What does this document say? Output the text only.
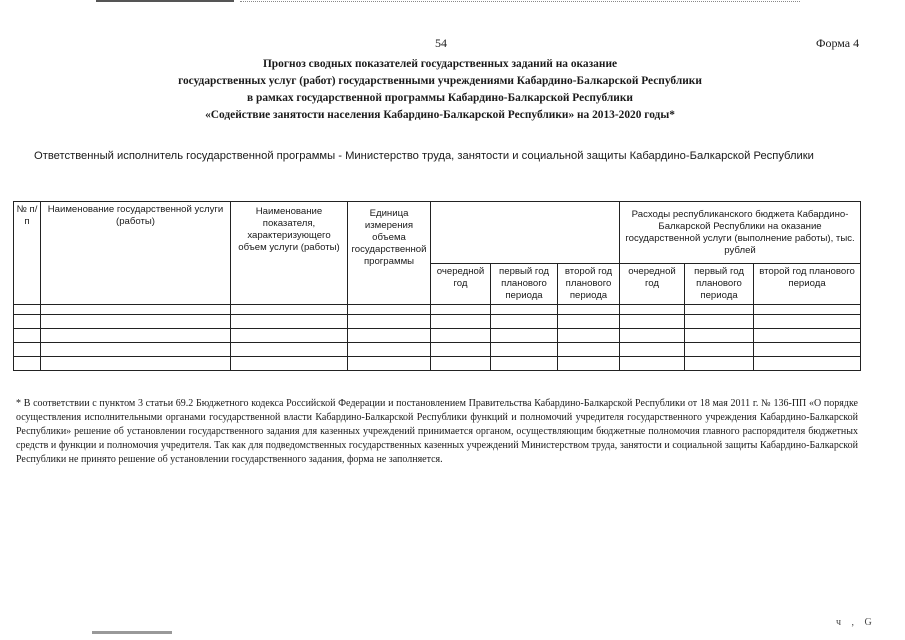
54	Форма 4
Прогноз сводных показателей государственных заданий на оказание
государственных услуг (работ) государственными учреждениями Кабардино-Балкарской Республики
в рамках государственной программы Кабардино-Балкарской Республики
«Содействие занятости населения Кабардино-Балкарской Республики» на 2013-2020 годы*
Ответственный исполнитель государственной программы - Министерство труда, занятости и социальной защиты Кабардино-Балкарской Республики
№ п/п	Наименование государственной услуги (работы)	Наименование показателя, характеризующего объем услуги (работы)	Единица измерения объема государственной программы				Расходы республиканского бюджета Кабардино-Балкарской Республики на оказание государственной услуги (выполнение работы), тыс. рублей		
				очередной год	первый год планового периода	второй год планового периода	очередной год	первый год планового периода	второй год планового периода

* В соответствии с пунктом 3 статьи 69.2 Бюджетного кодекса Российской Федерации и постановлением Правительства Кабардино-Балкарской Республики от 18 мая 2011 г. № 136-ПП «О порядке осуществления исполнительными органами государственной власти Кабардино-Балкарской Республики функций и полномочий учредителя государственного учреждения Кабардино-Балкарской Республики» решение об установлении государственного задания для казенных учреждений принимается органом, осуществляющим бюджетные полномочия главного распорядителя бюджетных средств и функции и полномочия учредителя. Так как для подведомственных государственных казенных учреждений Министерством труда, занятости и социальной защиты Кабардино-Балкарской Республики не принято решение об установлении государственного задания, форма не заполняется.
ч , G
